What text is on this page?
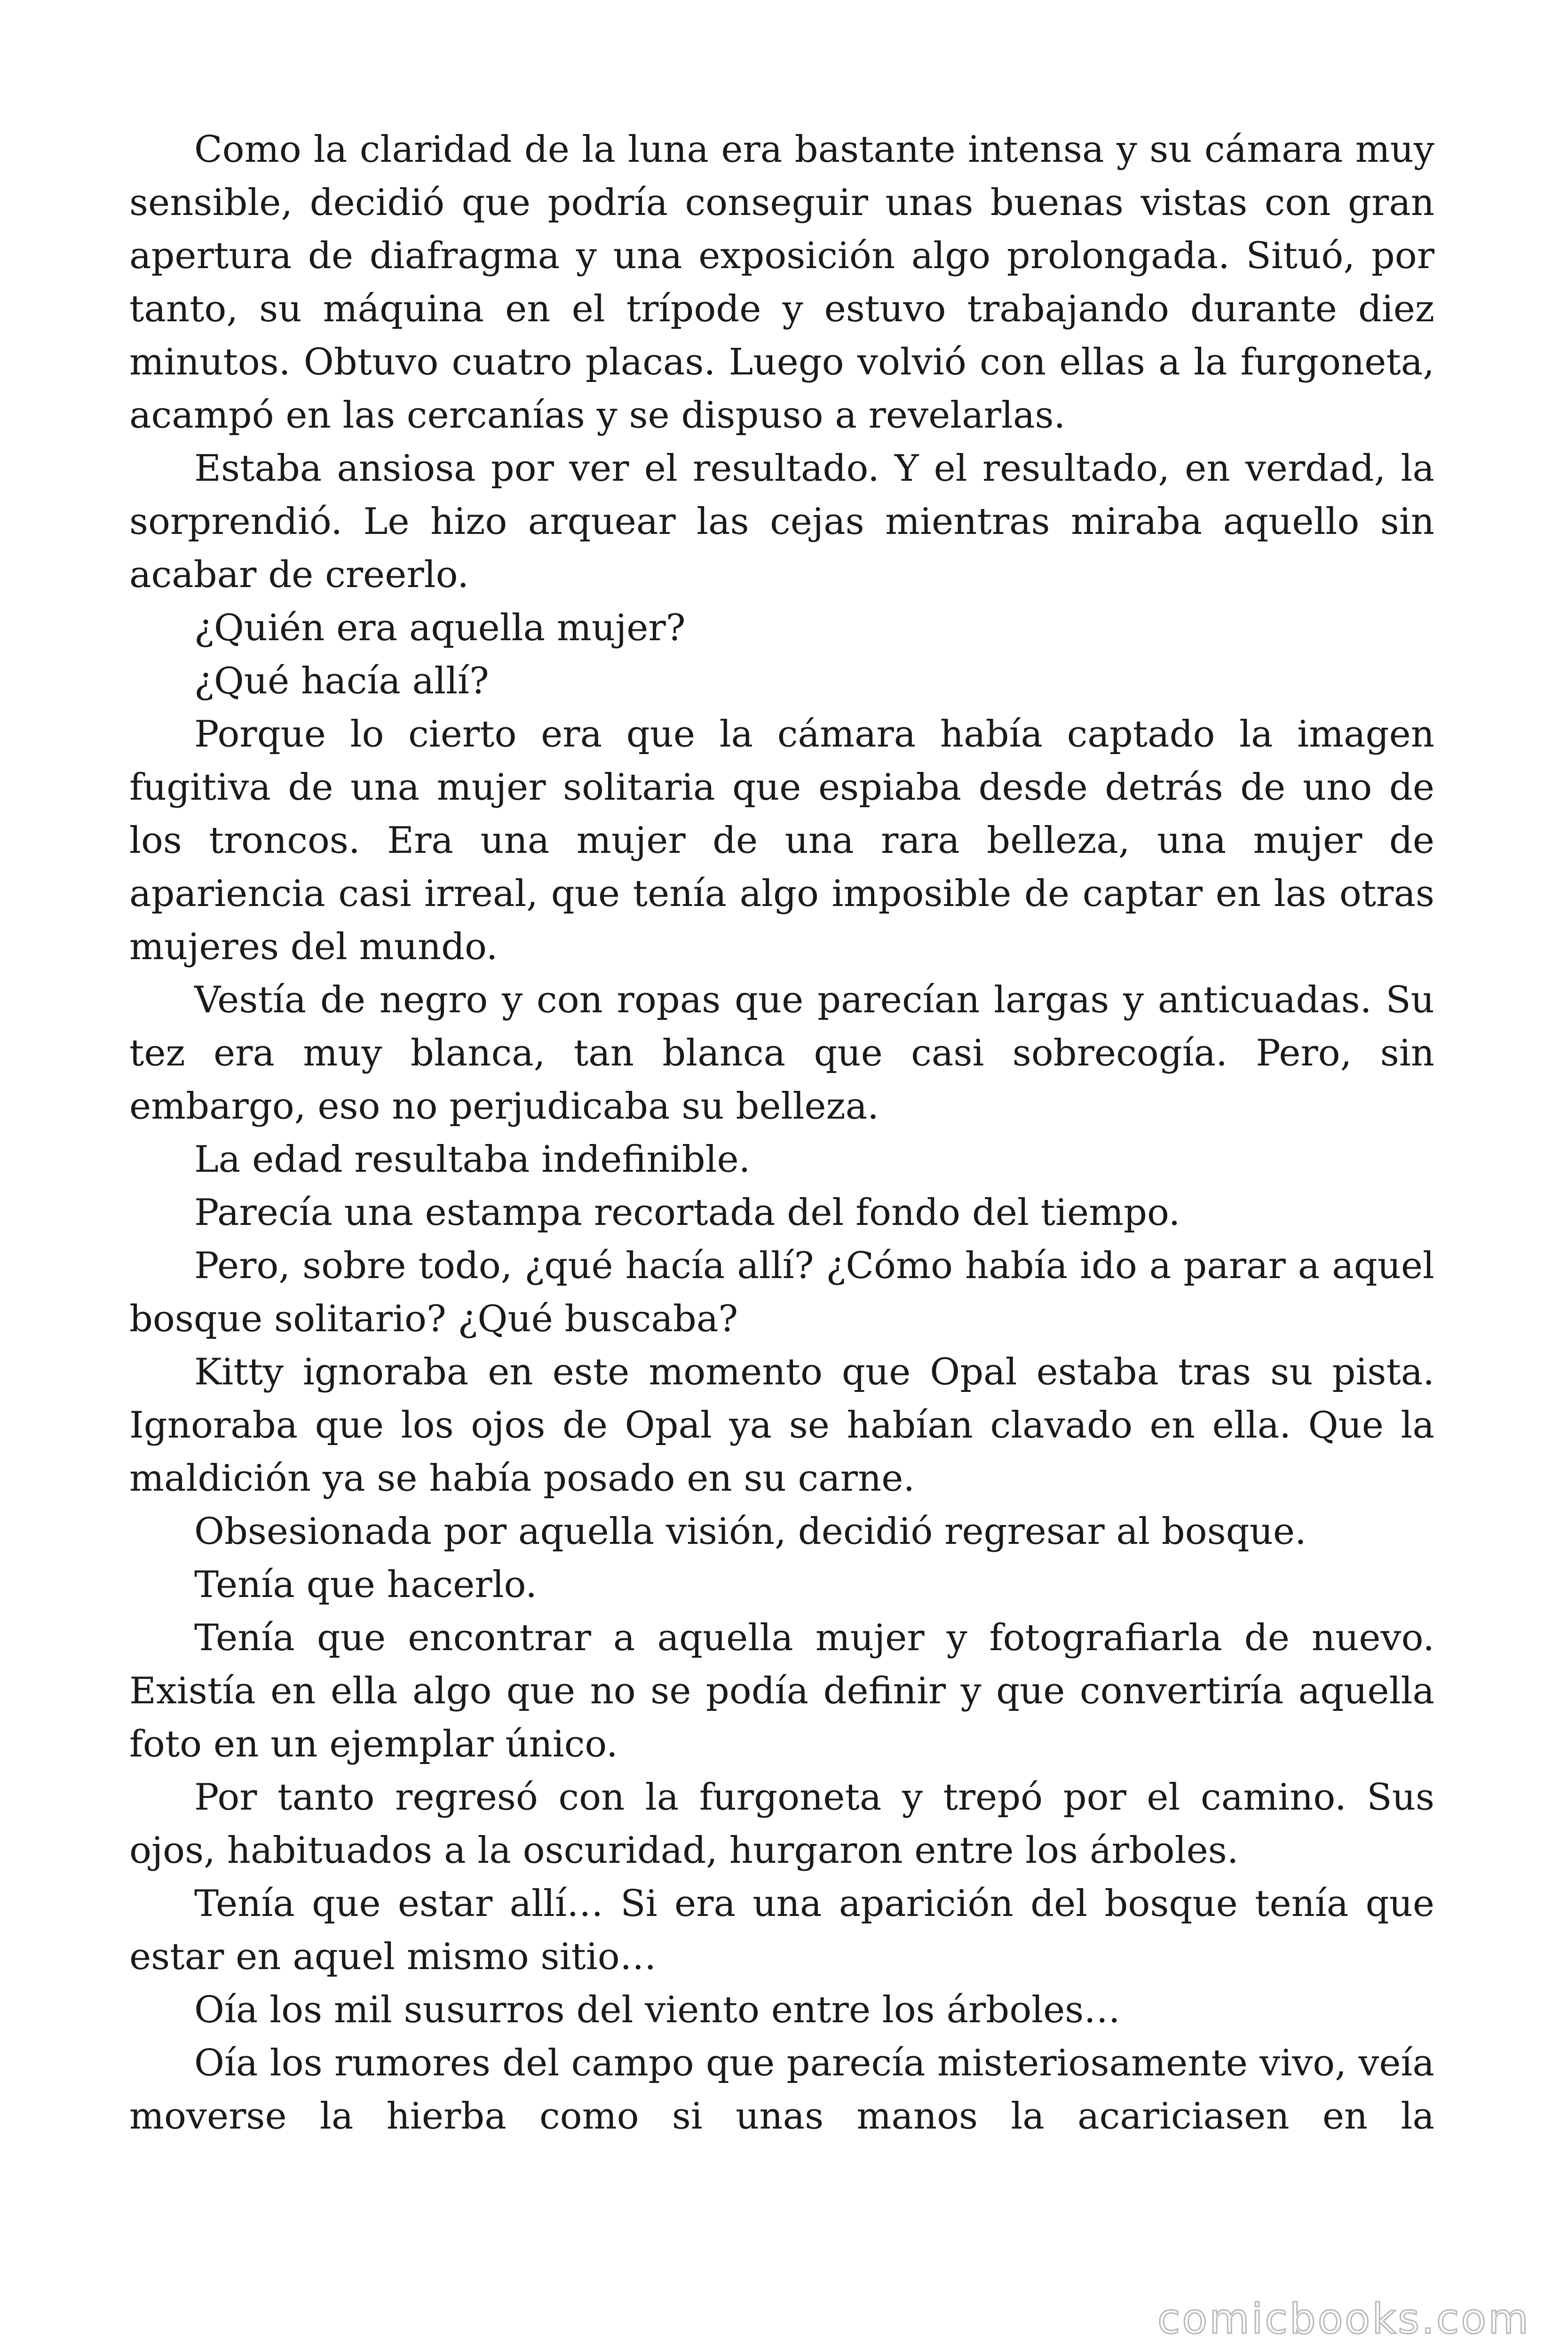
Como la claridad de la luna era bastante intensa y su cámara muy sensible, decidió que podría conseguir unas buenas vistas con gran apertura de diafragma y una exposición algo prolongada. Situó, por tanto, su máquina en el trípode y estuvo trabajando durante diez minutos. Obtuvo cuatro placas. Luego volvió con ellas a la furgoneta, acampó en las cercanías y se dispuso a revelarlas.

Estaba ansiosa por ver el resultado. Y el resultado, en verdad, la sorprendió. Le hizo arquear las cejas mientras miraba aquello sin acabar de creerlo.

¿Quién era aquella mujer?

¿Qué hacía allí?

Porque lo cierto era que la cámara había captado la imagen fugitiva de una mujer solitaria que espiaba desde detrás de uno de los troncos. Era una mujer de una rara belleza, una mujer de apariencia casi irreal, que tenía algo imposible de captar en las otras mujeres del mundo.

Vestía de negro y con ropas que parecían largas y anticuadas. Su tez era muy blanca, tan blanca que casi sobrecogía. Pero, sin embargo, eso no perjudicaba su belleza.

La edad resultaba indefinible.

Parecía una estampa recortada del fondo del tiempo.

Pero, sobre todo, ¿qué hacía allí? ¿Cómo había ido a parar a aquel bosque solitario? ¿Qué buscaba?

Kitty ignoraba en este momento que Opal estaba tras su pista. Ignoraba que los ojos de Opal ya se habían clavado en ella. Que la maldición ya se había posado en su carne.

Obsesionada por aquella visión, decidió regresar al bosque.

Tenía que hacerlo.

Tenía que encontrar a aquella mujer y fotografiarla de nuevo. Existía en ella algo que no se podía definir y que convertiría aquella foto en un ejemplar único.

Por tanto regresó con la furgoneta y trepó por el camino. Sus ojos, habituados a la oscuridad, hurgaron entre los árboles.

Tenía que estar allí… Si era una aparición del bosque tenía que estar en aquel mismo sitio…

Oía los mil susurros del viento entre los árboles…

Oía los rumores del campo que parecía misteriosamente vivo, veía moverse la hierba como si unas manos la acariciasen en la

comicbooks.com
